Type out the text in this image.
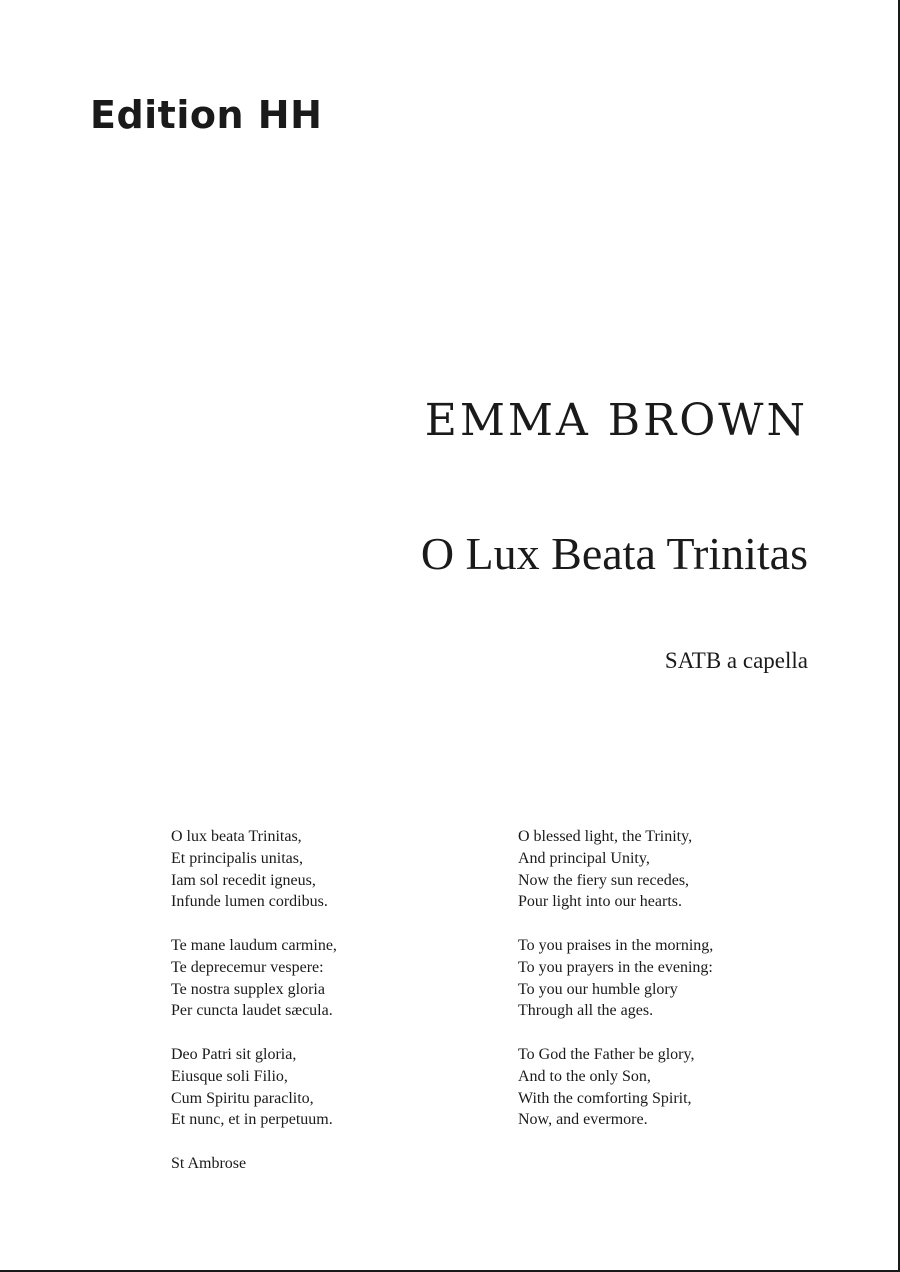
Edition HH
EMMA BROWN
O Lux Beata Trinitas
SATB a capella
O lux beata Trinitas,
Et principalis unitas,
Iam sol recedit igneus,
Infunde lumen cordibus.
Te mane laudum carmine,
Te deprecemur vespere:
Te nostra supplex gloria
Per cuncta laudet sæcula.
Deo Patri sit gloria,
Eiusque soli Filio,
Cum Spiritu paraclito,
Et nunc, et in perpetuum.
St Ambrose
O blessed light, the Trinity,
And principal Unity,
Now the fiery sun recedes,
Pour light into our hearts.
To you praises in the morning,
To you prayers in the evening:
To you our humble glory
Through all the ages.
To God the Father be glory,
And to the only Son,
With the comforting Spirit,
Now, and evermore.
